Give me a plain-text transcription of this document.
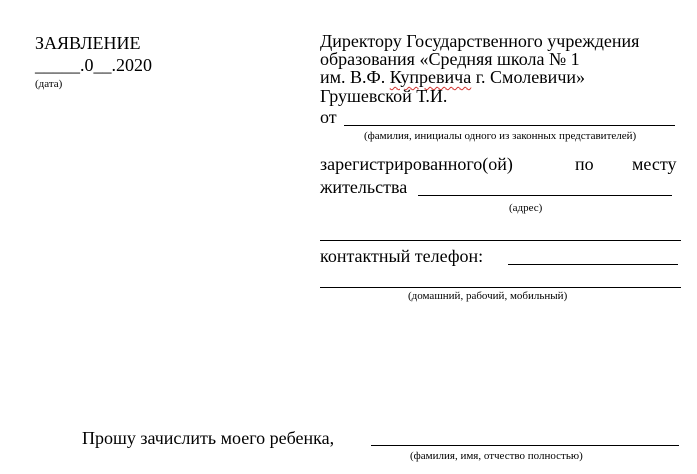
ЗАЯВЛЕНИЕ
_____.0__.2020
(дата)
Директору Государственного учреждения
образования «Средняя школа № 1
им. В.Ф. Купревича г. Смолевичи»
Грушевской Т.И.
от
(фамилия, инициалы одного из законных представителей)
зарегистрированного(ой)	по месту
жительства
(адрес)
контактный телефон:
(домашний, рабочий, мобильный)
Прошу зачислить моего ребенка,
(фамилия, имя, отчество полностью)
